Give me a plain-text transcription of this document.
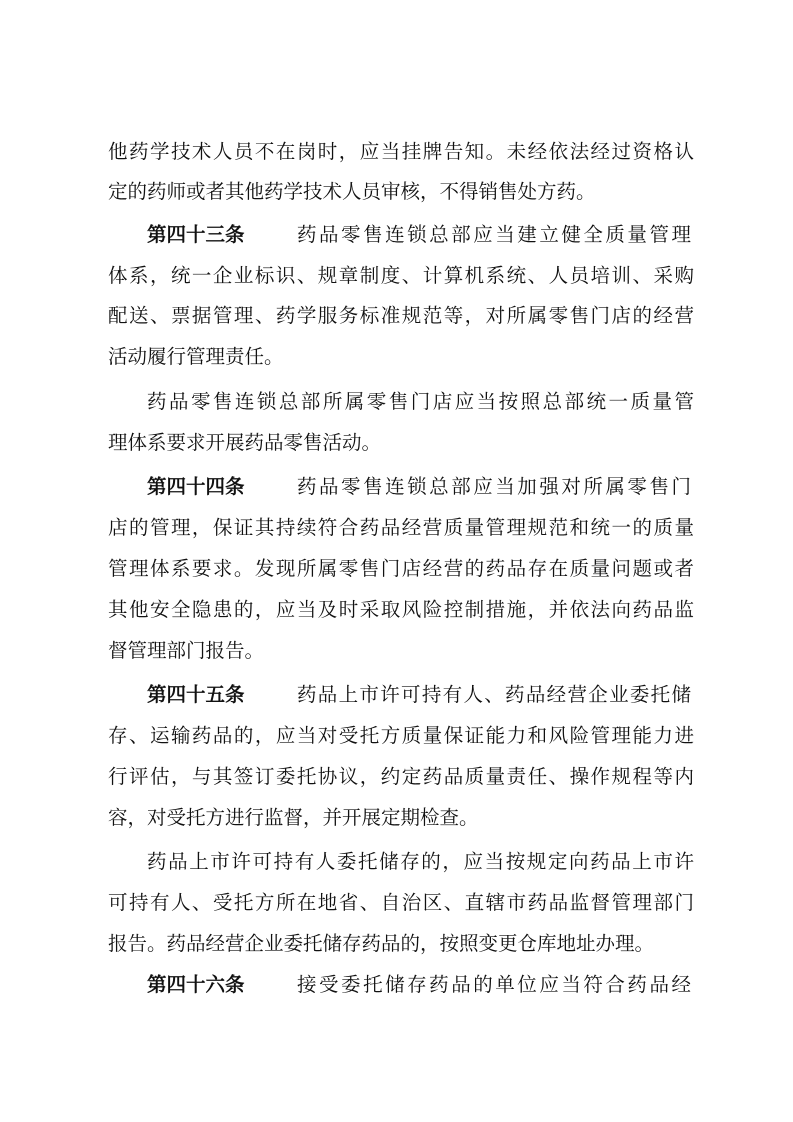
他药学技术人员不在岗时，应当挂牌告知。未经依法经过资格认
定的药师或者其他药学技术人员审核，不得销售处方药。
第四十三条	药品零售连锁总部应当建立健全质量管理
体系，统一企业标识、规章制度、计算机系统、人员培训、采购
配送、票据管理、药学服务标准规范等，对所属零售门店的经营
活动履行管理责任。
药品零售连锁总部所属零售门店应当按照总部统一质量管
理体系要求开展药品零售活动。
第四十四条	药品零售连锁总部应当加强对所属零售门
店的管理，保证其持续符合药品经营质量管理规范和统一的质量
管理体系要求。发现所属零售门店经营的药品存在质量问题或者
其他安全隐患的，应当及时采取风险控制措施，并依法向药品监
督管理部门报告。
第四十五条	药品上市许可持有人、药品经营企业委托储
存、运输药品的，应当对受托方质量保证能力和风险管理能力进
行评估，与其签订委托协议，约定药品质量责任、操作规程等内
容，对受托方进行监督，并开展定期检查。
药品上市许可持有人委托储存的，应当按规定向药品上市许
可持有人、受托方所在地省、自治区、直辖市药品监督管理部门
报告。药品经营企业委托储存药品的，按照变更仓库地址办理。
第四十六条	接受委托储存药品的单位应当符合药品经
